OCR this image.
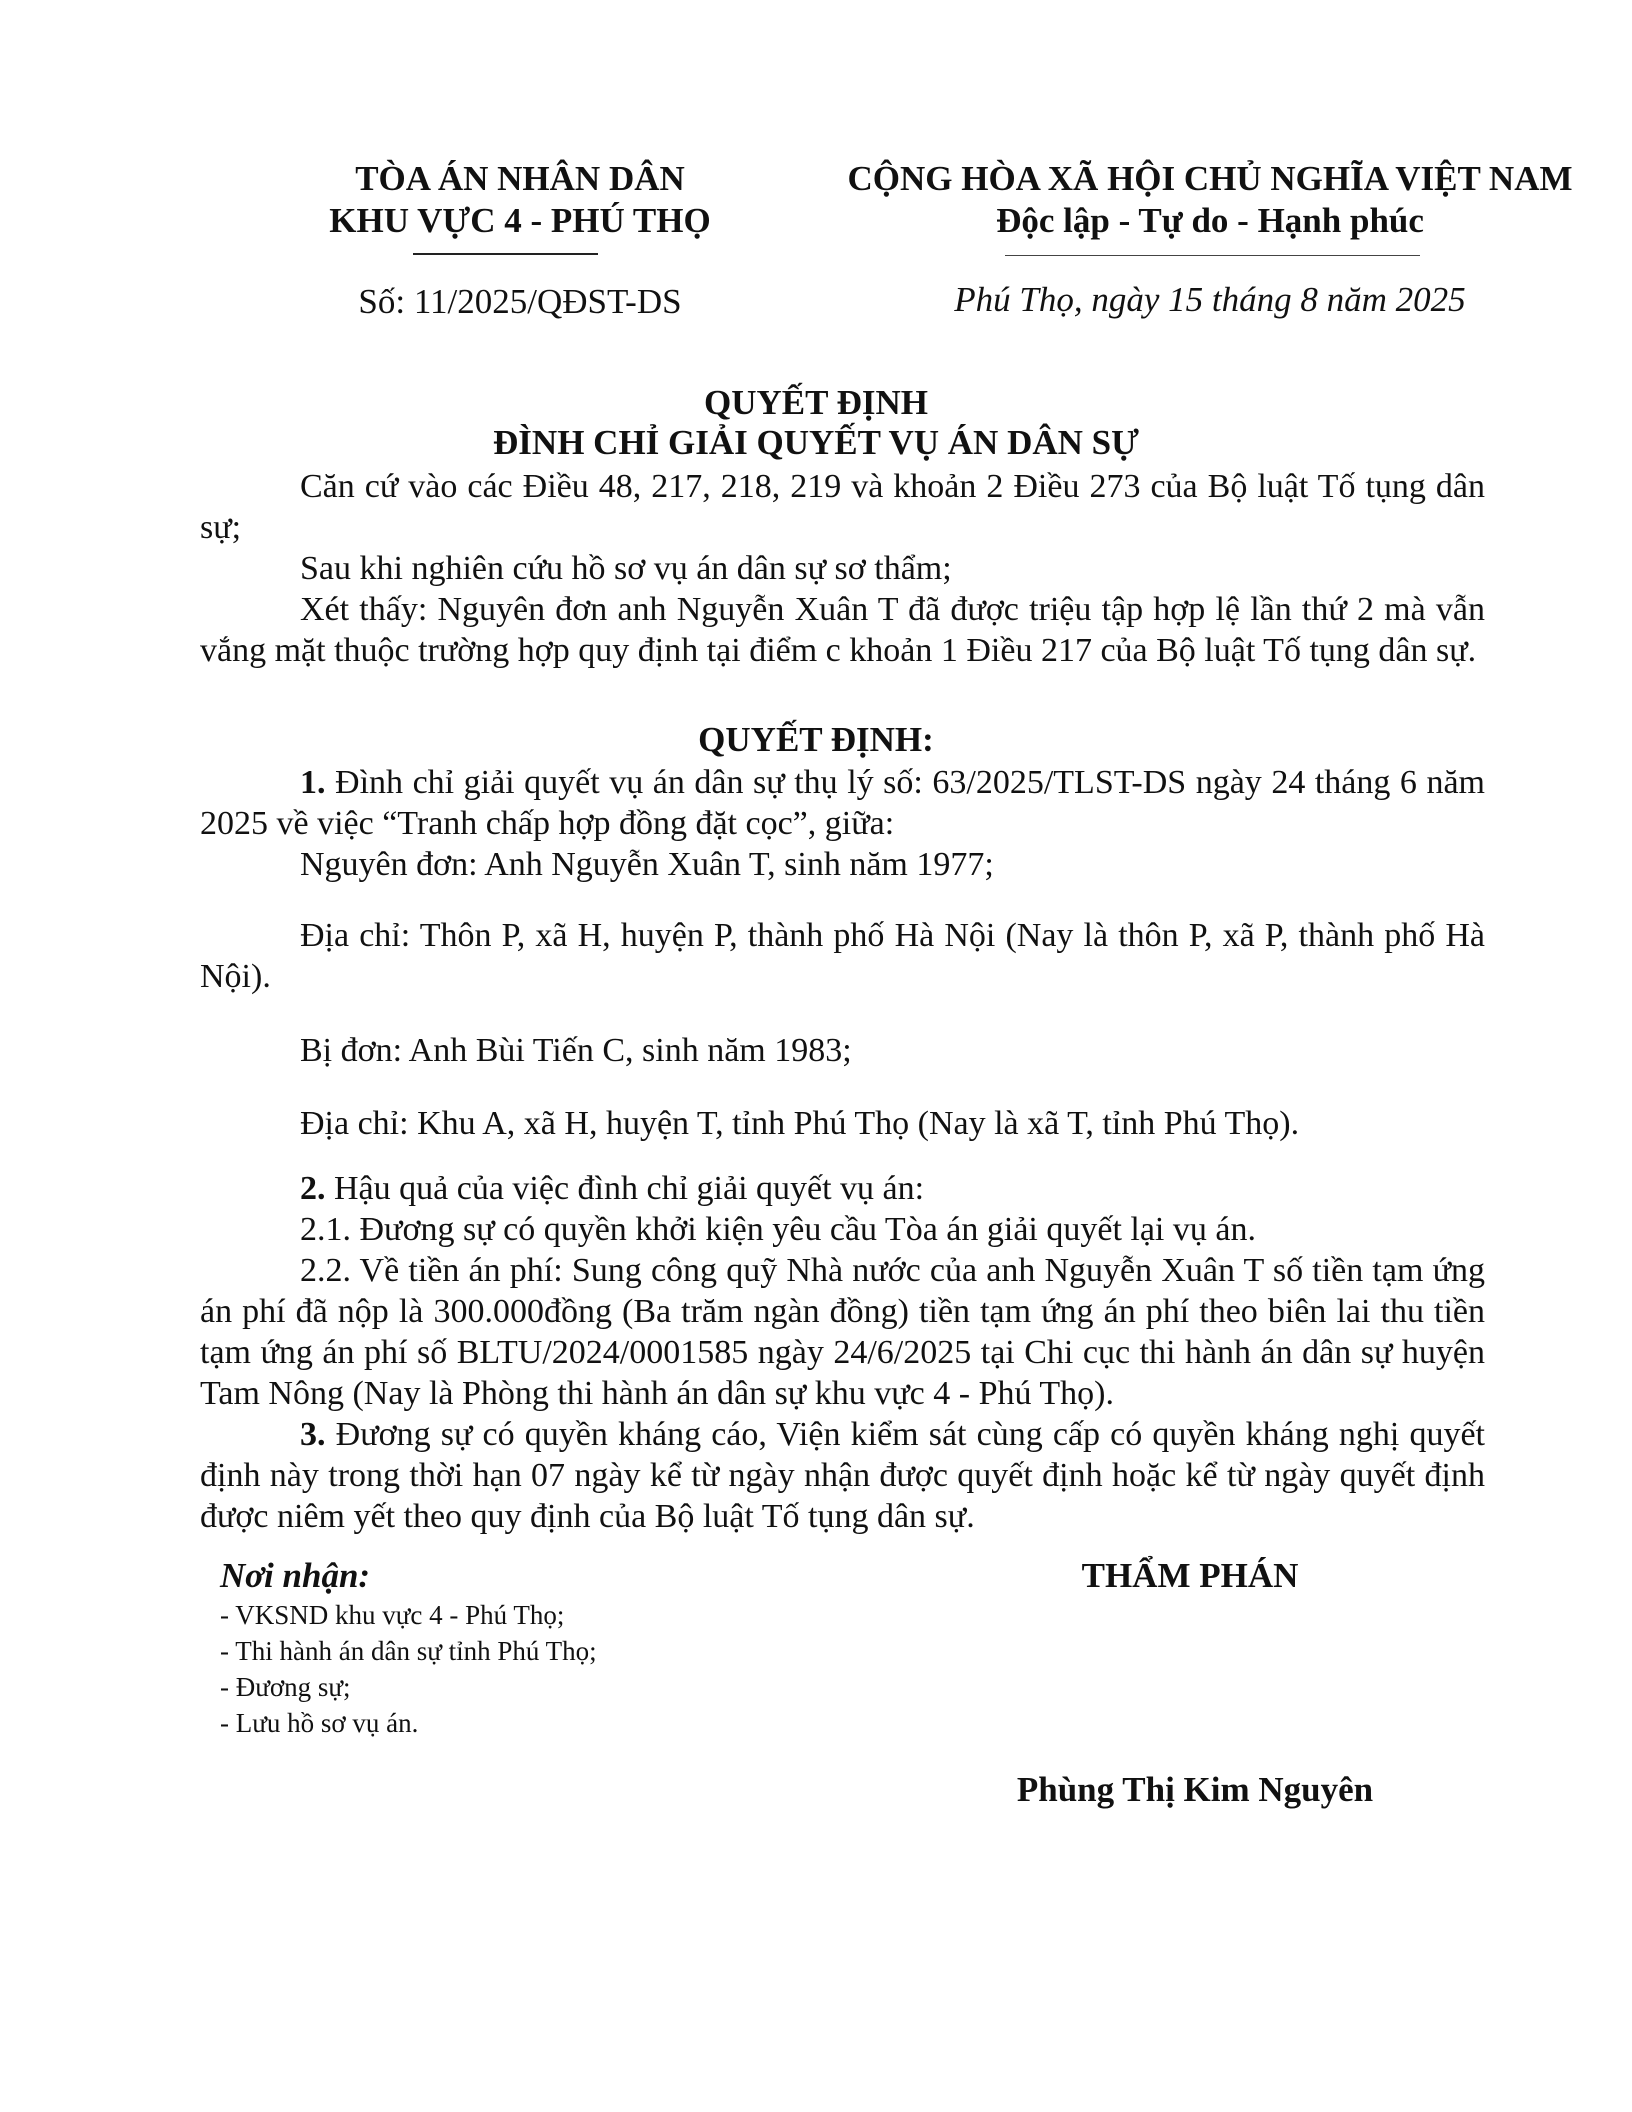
TÒA ÁN NHÂN DÂN
KHU VỰC 4 - PHÚ THỌ
CỘNG HÒA XÃ HỘI CHỦ NGHĨA VIỆT NAM
Độc lập - Tự do - Hạnh phúc
Số: 11/2025/QĐST-DS	Phú Thọ, ngày 15 tháng 8 năm 2025
QUYẾT ĐỊNH
ĐÌNH CHỈ GIẢI QUYẾT VỤ ÁN DÂN SỰ

Căn cứ vào các Điều 48, 217, 218, 219 và khoản 2 Điều 273 của Bộ luật Tố tụng dân sự;

Sau khi nghiên cứu hồ sơ vụ án dân sự sơ thẩm;

Xét thấy: Nguyên đơn anh Nguyễn Xuân T đã được triệu tập hợp lệ lần thứ 2 mà vẫn vắng mặt thuộc trường hợp quy định tại điểm c khoản 1 Điều 217 của Bộ luật Tố tụng dân sự.

QUYẾT ĐỊNH:

1. Đình chỉ giải quyết vụ án dân sự thụ lý số: 63/2025/TLST-DS ngày 24 tháng 6 năm 2025 về việc “Tranh chấp hợp đồng đặt cọc”, giữa:

Nguyên đơn: Anh Nguyễn Xuân T, sinh năm 1977;

Địa chỉ: Thôn P, xã H, huyện P, thành phố Hà Nội (Nay là thôn P, xã P, thành phố Hà Nội).

Bị đơn: Anh Bùi Tiến C, sinh năm 1983;

Địa chỉ: Khu A, xã H, huyện T, tỉnh Phú Thọ (Nay là xã T, tỉnh Phú Thọ).

2. Hậu quả của việc đình chỉ giải quyết vụ án:

2.1. Đương sự có quyền khởi kiện yêu cầu Tòa án giải quyết lại vụ án.

2.2. Về tiền án phí: Sung công quỹ Nhà nước của anh Nguyễn Xuân T số tiền tạm ứng án phí đã nộp là 300.000đồng (Ba trăm ngàn đồng) tiền tạm ứng án phí theo biên lai thu tiền tạm ứng án phí số BLTU/2024/0001585 ngày 24/6/2025 tại Chi cục thi hành án dân sự huyện Tam Nông (Nay là Phòng thi hành án dân sự khu vực 4 - Phú Thọ).

3. Đương sự có quyền kháng cáo, Viện kiểm sát cùng cấp có quyền kháng nghị quyết định này trong thời hạn 07 ngày kể từ ngày nhận được quyết định hoặc kể từ ngày quyết định được niêm yết theo quy định của Bộ luật Tố tụng dân sự.

Nơi nhận:
- VKSND khu vực 4 - Phú Thọ;
- Thi hành án dân sự tỉnh Phú Thọ;
- Đương sự;
- Lưu hồ sơ vụ án.
THẨM PHÁN
Phùng Thị Kim Nguyên
